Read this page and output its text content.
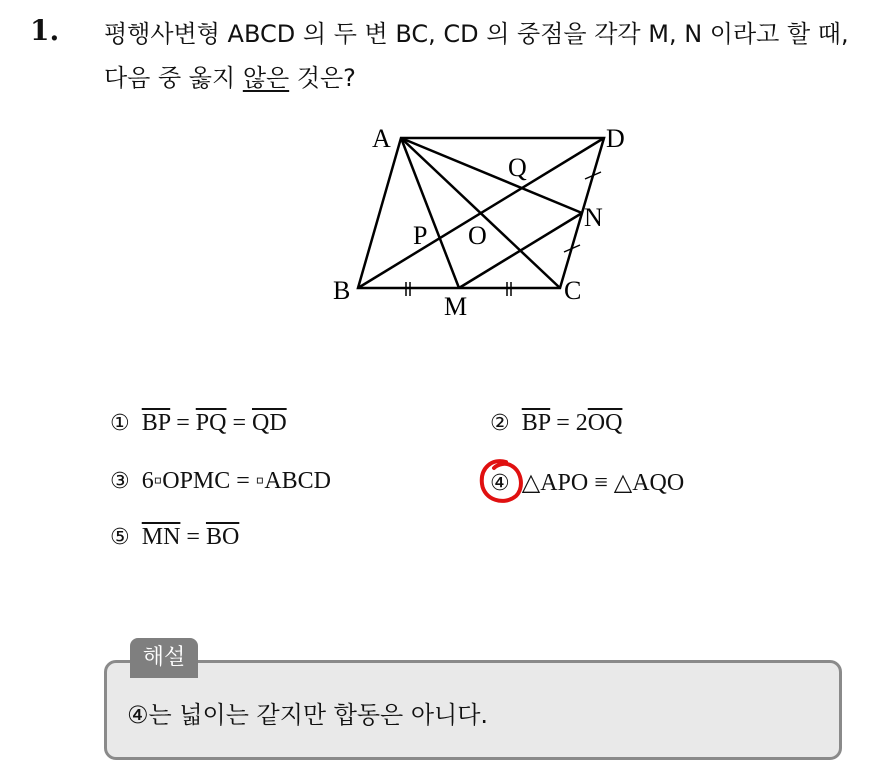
1. 평행사변형 ABCD 의 두 변 BC, CD 의 중점을 각각 M, N 이라고 할 때, 다음 중 옳지 않은 것은?
A	D
Q
N
P O
B	C
M
① $\overline{BP} = \overline{PQ} = \overline{QD}$	② $\overline{BP} = 2\overline{OQ}$
③ 6▫OPMC = ▫ABCD	④ △APO ≡ △AQO
⑤ $\overline{MN} = \overline{BO}$
④는 넓이는 같지만 합동은 아니다.
해설
